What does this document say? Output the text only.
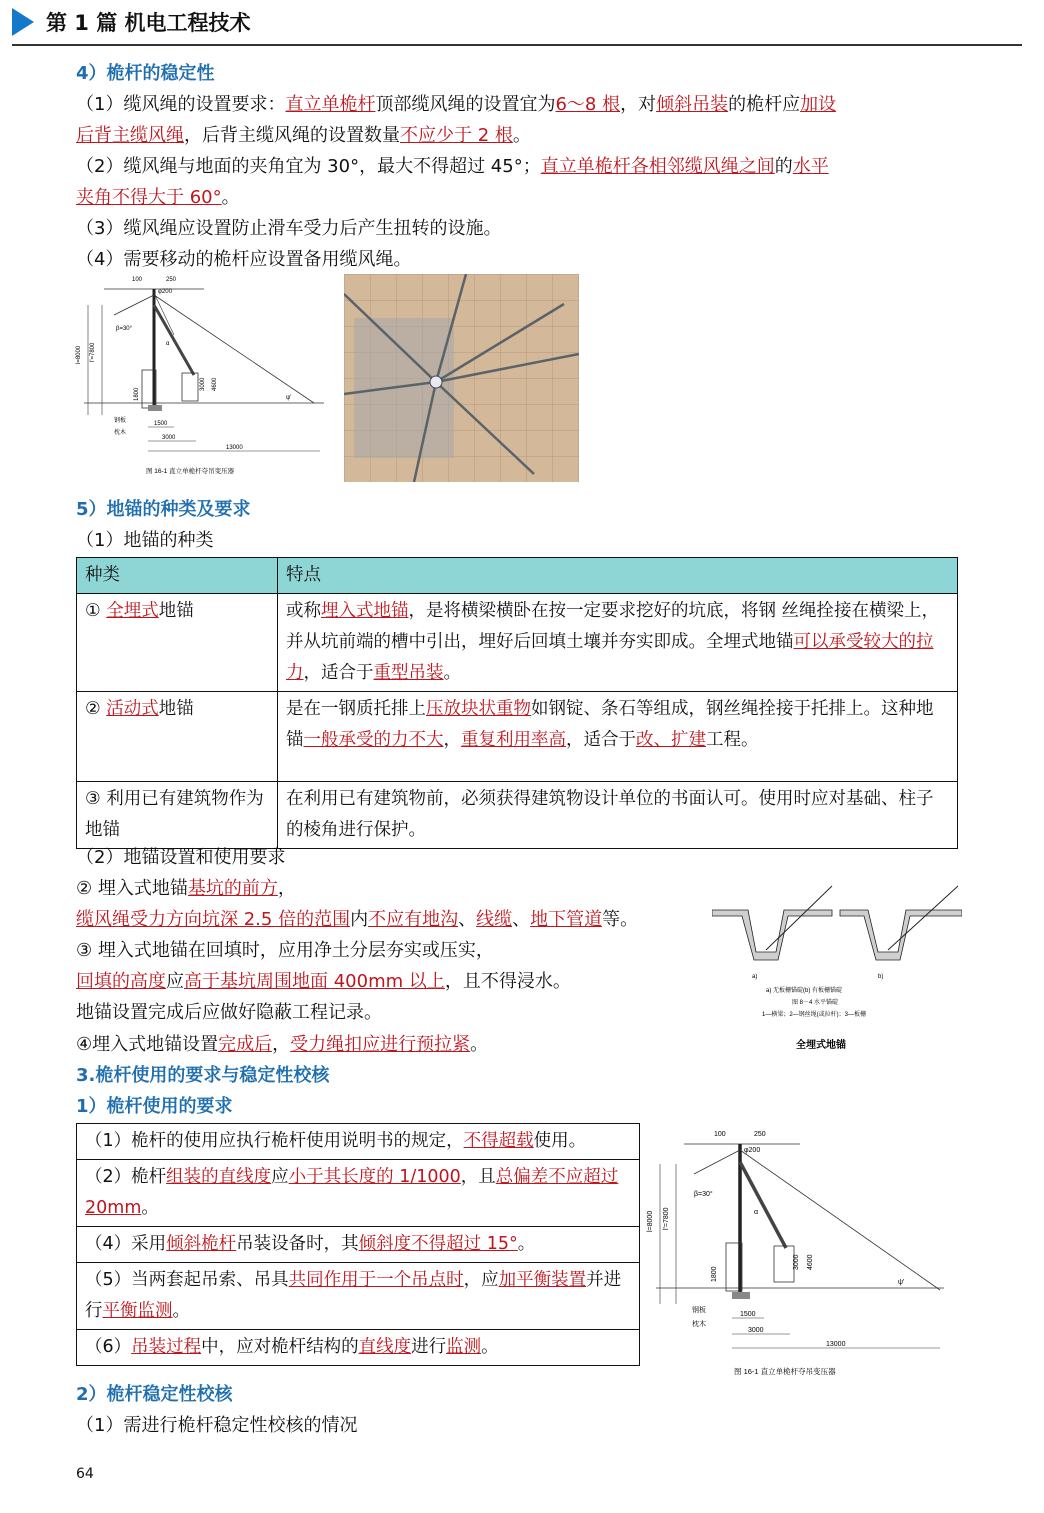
第 1 篇 机电工程技术
4）桅杆的稳定性
（1）缆风绳的设置要求：直立单桅杆顶部缆风绳的设置宜为6～8 根，对倾斜吊装的桅杆应加设
后背主缆风绳，后背主缆风绳的设置数量不应少于 2 根。
（2）缆风绳与地面的夹角宜为 30°，最大不得超过 45°；直立单桅杆各相邻缆风绳之间的水平
夹角不得大于 60°。
（3）缆风绳应设置防止滑车受力后产生扭转的设施。
（4）需要移动的桅杆应设置备用缆风绳。
100	250
φ200
l=8000 l'=7800
β=30°
α
1800
3000 4600
钢板
枕木
1500
3000
13000
ψ'
图 16-1 直立单桅杆夺吊变压器
5）地锚的种类及要求
（1）地锚的种类
种类	特点
① 全埋式地锚	或称埋入式地锚，是将横梁横卧在按一定要求挖好的坑底，将钢 丝绳拴接在横梁上，并从坑前端的槽中引出，埋好后回填土壤并夯实即成。全埋式地锚可以承受较大的拉力，适合于重型吊装。
② 活动式地锚	是在一钢质托排上压放块状重物如钢锭、条石等组成，钢丝绳拴接于托排上。这种地锚一般承受的力不大，重复利用率高，适合于改、扩建工程。
③ 利用已有建筑物作为地锚	在利用已有建筑物前，必须获得建筑物设计单位的书面认可。使用时应对基础、柱子的棱角进行保护。
（2）地锚设置和使用要求
② 埋入式地锚基坑的前方，
缆风绳受力方向坑深 2.5 倍的范围内不应有地沟、线缆、地下管道等。
③ 埋入式地锚在回填时，应用净土分层夯实或压实，
回填的高度应高于基坑周围地面 400mm 以上，且不得浸水。
地锚设置完成后应做好隐蔽工程记录。
④埋入式地锚设置完成后，受力绳扣应进行预拉紧。
a)	b)
a) 无板栅锚碇(b) 有板栅锚碇
图 8－4 水平锚碇
1—横梁；2—钢丝绳(或拉杆)；3—板栅
全埋式地锚
3.桅杆使用的要求与稳定性校核
1）桅杆使用的要求
（1）桅杆的使用应执行桅杆使用说明书的规定，不得超载使用。
（2）桅杆组装的直线度应小于其长度的 1/1000，且总偏差不应超过 20mm。
（4）采用倾斜桅杆吊装设备时，其倾斜度不得超过 15°。
（5）当两套起吊索、吊具共同作用于一个吊点时，应加平衡装置并进行平衡监测。
（6）吊装过程中，应对桅杆结构的直线度进行监测。
100	250
φ200
l=8000 l'=7800
β=30°
α
1800
3000 4600
钢板
枕木
1500
3000
13000
ψ'
图 16-1 直立单桅杆夺吊变压器
2）桅杆稳定性校核
（1）需进行桅杆稳定性校核的情况
64
